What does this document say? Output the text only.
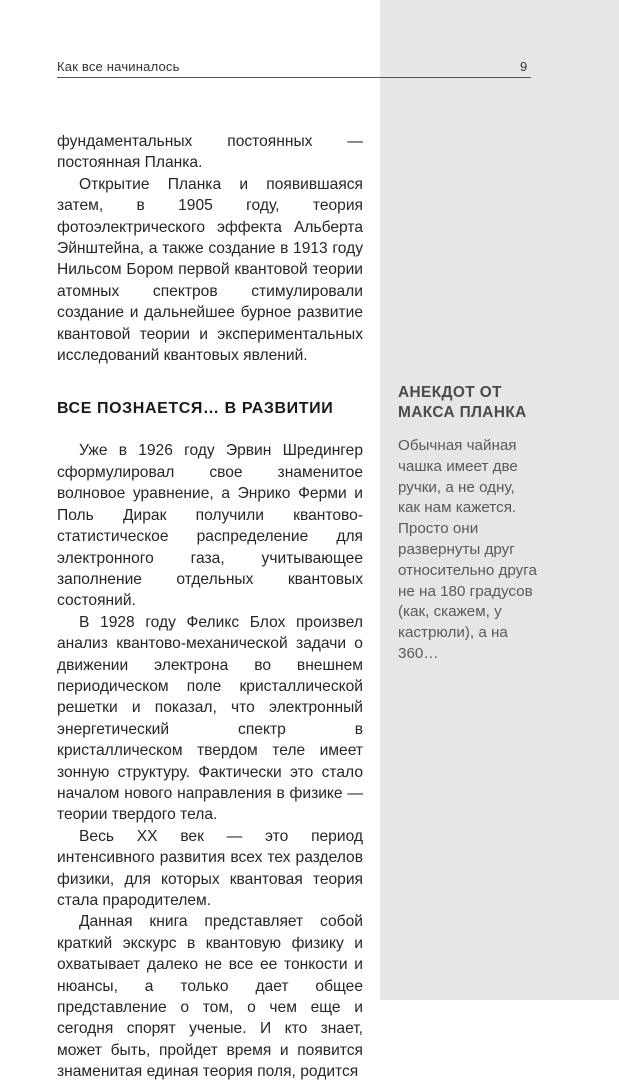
Как все начиналось	9

фундаментальных постоянных — постоянная Планка.

Открытие Планка и появившаяся затем, в 1905 году, теория фотоэлектрического эффекта Альберта Эйнштейна, а также создание в 1913 году Нильсом Бором первой квантовой теории атомных спектров стимулировали создание и дальнейшее бурное развитие квантовой теории и экспериментальных исследований квантовых явлений.

ВСЕ ПОЗНАЕТСЯ… В РАЗВИТИИ

Уже в 1926 году Эрвин Шредингер сформулировал свое знаменитое волновое уравнение, а Энрико Ферми и Поль Дирак получили квантово-статистическое распределение для электронного газа, учитывающее заполнение отдельных квантовых состояний.

В 1928 году Феликс Блох произвел анализ квантово-механической задачи о движении электрона во внешнем периодическом поле кристаллической решетки и показал, что электронный энергетический спектр в кристаллическом твердом теле имеет зонную структуру. Фактически это стало началом нового направления в физике — теории твердого тела.

Весь XX век — это период интенсивного развития всех тех разделов физики, для которых квантовая теория стала прародителем.

Данная книга представляет собой краткий экскурс в квантовую физику и охватывает далеко не все ее тонкости и нюансы, а только дает общее представление о том, о чем еще и сегодня спорят ученые. И кто знает, может быть, пройдет время и появится знаменитая единая теория поля, родится

АНЕКДОТ ОТ МАКСА ПЛАНКА

Обычная чайная чашка имеет две ручки, а не одну, как нам кажется. Просто они развернуты друг относительно друга не на 180 градусов (как, скажем, у кастрюли), а на 360…
